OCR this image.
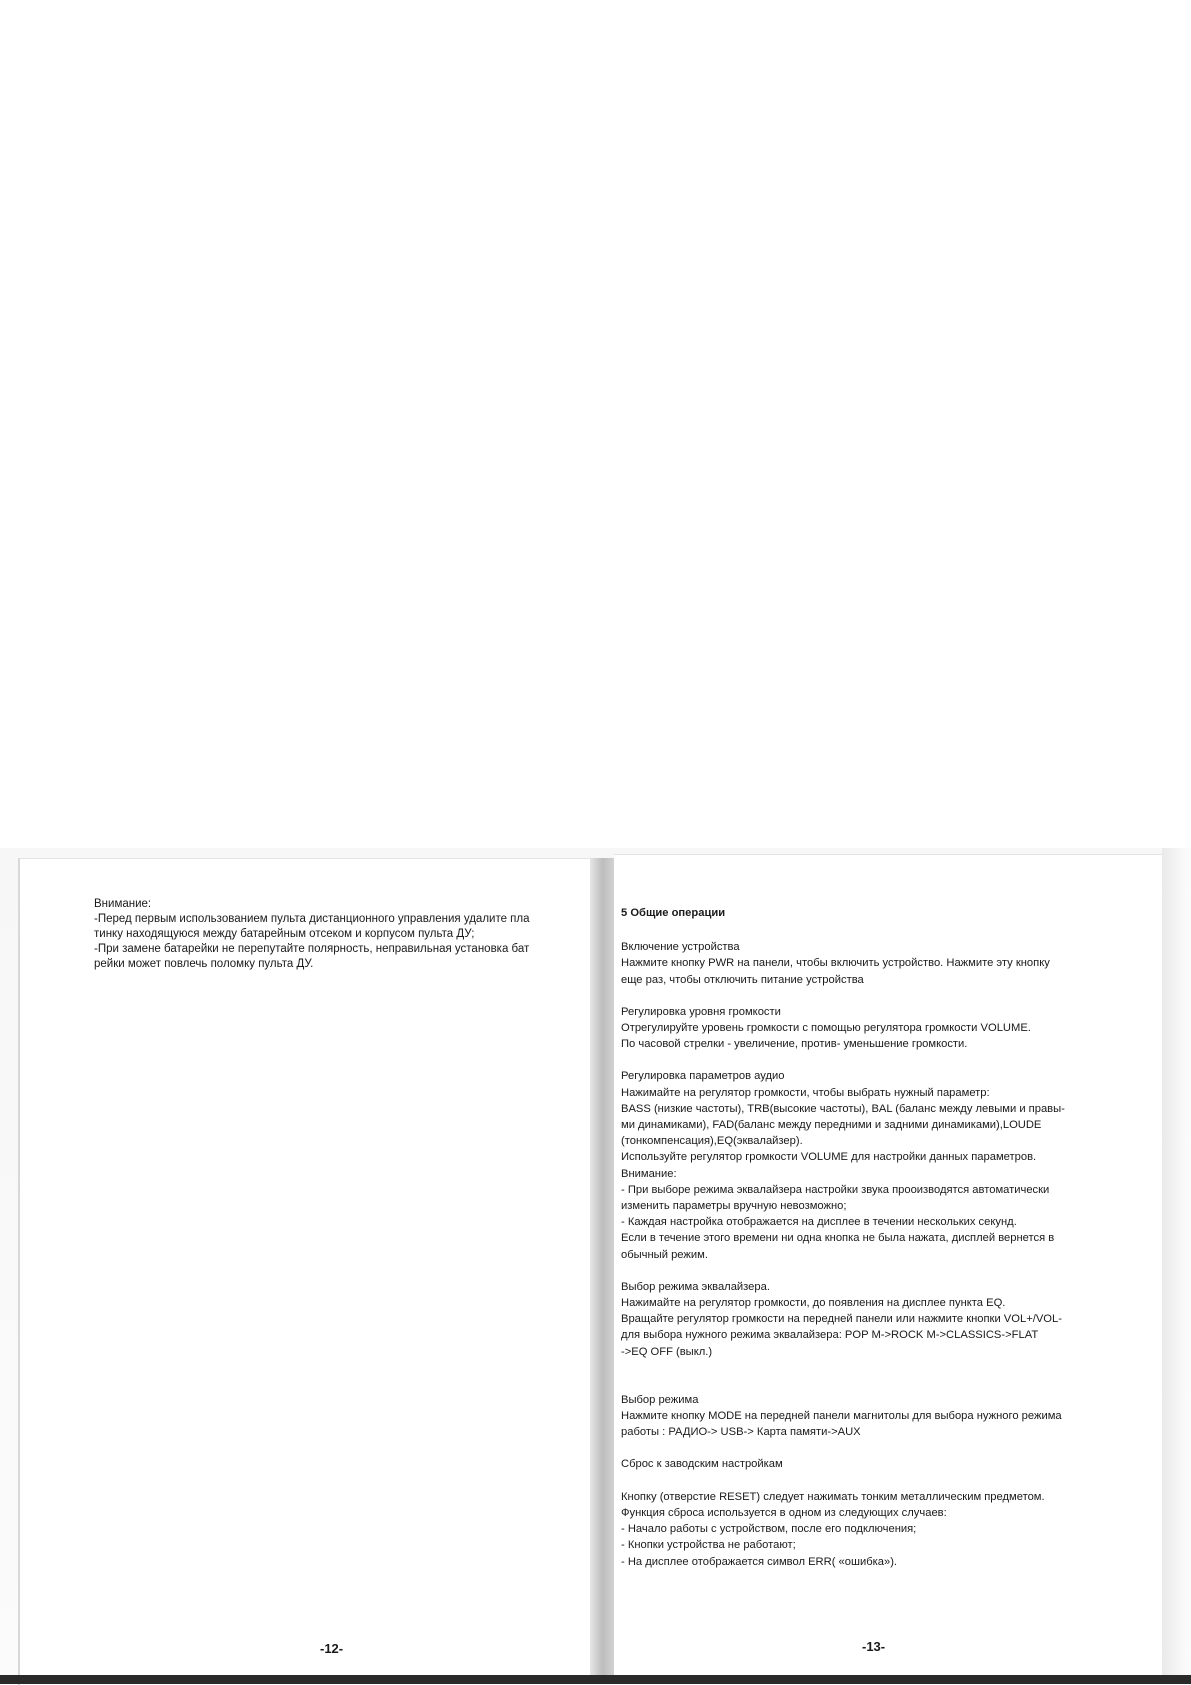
Внимание:
-Перед первым использованием пульта дистанционного управления удалите пла
тинку находящуюся между батарейным отсеком и корпусом пульта ДУ;
-При замене батарейки не перепутайте полярность, неправильная установка бат
рейки может повлечь поломку пульта ДУ.
-12-
5 Общие операции
Включение устройства
Нажмите кнопку PWR на панели, чтобы включить устройство. Нажмите эту кнопку
еще раз, чтобы отключить питание устройства
Регулировка уровня громкости
Отрегулируйте уровень громкости с помощью регулятора громкости VOLUME.
По часовой стрелки - увеличение, против- уменьшение громкости.
Регулировка параметров аудио
Нажимайте на регулятор громкости, чтобы выбрать нужный параметр:
BASS (низкие частоты), TRB(высокие частоты), BAL (баланс между левыми и правы-
ми динамиками), FAD(баланс между передними и задними динамиками),LOUDE
(тонкомпенсация),EQ(эквалайзер).
Используйте регулятор громкости VOLUME для настройки данных параметров.
Внимание:
- При выборе режима эквалайзера настройки звука проoизводятся автоматически
изменить параметры вручную невозможно;
- Каждая настройка отображается на дисплее в течении нескольких секунд.
Если в течение этого времени ни одна кнопка не была нажата, дисплей вернется в
обычный режим.
Выбор режима эквалайзера.
Нажимайте на регулятор громкости, до появления на дисплее пункта EQ.
Вращайте регулятор громкости на передней панели или нажмите кнопки VOL+/VOL-
для выбора нужного режима эквалайзера: POP M->ROCK M->CLASSICS->FLAT
->EQ OFF (выкл.)
Выбор режима
Нажмите кнопку MODE на передней панели магнитолы для выбора нужного режима
работы : РАДИО-> USB-> Карта памяти->AUX
Сброс к заводским настройкам
Кнопку (отверстие RESET) следует нажимать тонким металлическим предметом.
Функция сброса используется в одном из следующих случаев:
- Начало работы с устройством, после его подключения;
- Кнопки устройства не работают;
- На дисплее отображается символ ERR( «ошибка»).
-13-
